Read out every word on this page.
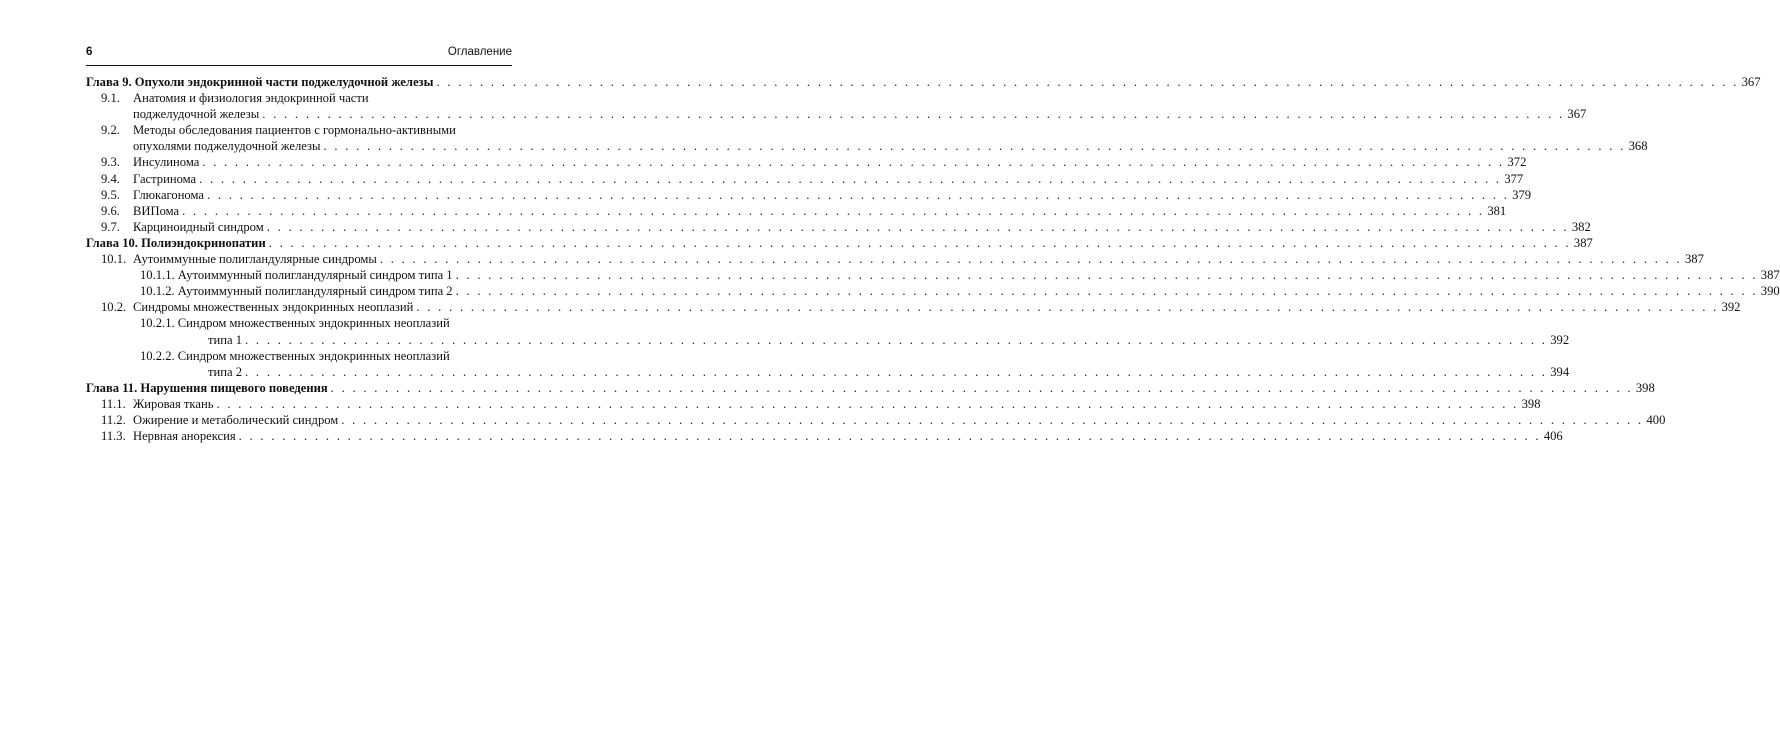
6	Оглавление
Глава 9. Опухоли эндокринной части поджелудочной железы . . . . . . . . . . . . . . . . . . . . . . . . . . . . . . . . . . . . . . . . . . . . . . . . . . . . . . . . . . . . . . . . . . . . . . . . . . . . . . . . . . . . . . . . . . . . . . . . . . . . . . . . . . . . . . . . . . . . . . . . 367
9.1. Анатомия и физиология эндокринной части
поджелудочной железы . . . . . . . . . . . . . . . . . . . . . . . . . . . . . . . . . . . . . . . . . . . . . . . . . . . . . . . . . . . . . . . . . . . . . . . . . . . . . . . . . . . . . . . . . . . . . . . . . . . . . . . . . . . . . . . . . . . . . . . . 367
9.2. Методы обследования пациентов с гормонально-активными
опухолями поджелудочной железы . . . . . . . . . . . . . . . . . . . . . . . . . . . . . . . . . . . . . . . . . . . . . . . . . . . . . . . . . . . . . . . . . . . . . . . . . . . . . . . . . . . . . . . . . . . . . . . . . . . . . . . . . . . . . . . . . . . . . . . . 368
9.3. Инсулинома . . . . . . . . . . . . . . . . . . . . . . . . . . . . . . . . . . . . . . . . . . . . . . . . . . . . . . . . . . . . . . . . . . . . . . . . . . . . . . . . . . . . . . . . . . . . . . . . . . . . . . . . . . . . . . . . . . . . . . . . 372
9.4. Гастринома . . . . . . . . . . . . . . . . . . . . . . . . . . . . . . . . . . . . . . . . . . . . . . . . . . . . . . . . . . . . . . . . . . . . . . . . . . . . . . . . . . . . . . . . . . . . . . . . . . . . . . . . . . . . . . . . . . . . . . . . 377
9.5. Глюкагонома . . . . . . . . . . . . . . . . . . . . . . . . . . . . . . . . . . . . . . . . . . . . . . . . . . . . . . . . . . . . . . . . . . . . . . . . . . . . . . . . . . . . . . . . . . . . . . . . . . . . . . . . . . . . . . . . . . . . . . . . 379
9.6. ВИПома . . . . . . . . . . . . . . . . . . . . . . . . . . . . . . . . . . . . . . . . . . . . . . . . . . . . . . . . . . . . . . . . . . . . . . . . . . . . . . . . . . . . . . . . . . . . . . . . . . . . . . . . . . . . . . . . . . . . . . . . 381
9.7. Карциноидный синдром . . . . . . . . . . . . . . . . . . . . . . . . . . . . . . . . . . . . . . . . . . . . . . . . . . . . . . . . . . . . . . . . . . . . . . . . . . . . . . . . . . . . . . . . . . . . . . . . . . . . . . . . . . . . . . . . . . . . . . . . 382
Глава 10. Полиэндокринопатии . . . . . . . . . . . . . . . . . . . . . . . . . . . . . . . . . . . . . . . . . . . . . . . . . . . . . . . . . . . . . . . . . . . . . . . . . . . . . . . . . . . . . . . . . . . . . . . . . . . . . . . . . . . . . . . . . . . . . . . . 387
10.1. Аутоиммунные полигландулярные синдромы . . . . . . . . . . . . . . . . . . . . . . . . . . . . . . . . . . . . . . . . . . . . . . . . . . . . . . . . . . . . . . . . . . . . . . . . . . . . . . . . . . . . . . . . . . . . . . . . . . . . . . . . . . . . . . . . . . . . . . . . 387
10.1.1. Аутоиммунный полигландулярный синдром типа 1 . . . . . . . . . . . . . . . . . . . . . . . . . . . . . . . . . . . . . . . . . . . . . . . . . . . . . . . . . . . . . . . . . . . . . . . . . . . . . . . . . . . . . . . . . . . . . . . . . . . . . . . . . . . . . . . . . . . . . . . . 387
10.1.2. Аутоиммунный полигландулярный синдром типа 2 . . . . . . . . . . . . . . . . . . . . . . . . . . . . . . . . . . . . . . . . . . . . . . . . . . . . . . . . . . . . . . . . . . . . . . . . . . . . . . . . . . . . . . . . . . . . . . . . . . . . . . . . . . . . . . . . . . . . . . . . 390
10.2. Синдромы множественных эндокринных неоплазий . . . . . . . . . . . . . . . . . . . . . . . . . . . . . . . . . . . . . . . . . . . . . . . . . . . . . . . . . . . . . . . . . . . . . . . . . . . . . . . . . . . . . . . . . . . . . . . . . . . . . . . . . . . . . . . . . . . . . . . . 392
10.2.1. Синдром множественных эндокринных неоплазий
типа 1 . . . . . . . . . . . . . . . . . . . . . . . . . . . . . . . . . . . . . . . . . . . . . . . . . . . . . . . . . . . . . . . . . . . . . . . . . . . . . . . . . . . . . . . . . . . . . . . . . . . . . . . . . . . . . . . . . . . . . . . . 392
10.2.2. Синдром множественных эндокринных неоплазий
типа 2 . . . . . . . . . . . . . . . . . . . . . . . . . . . . . . . . . . . . . . . . . . . . . . . . . . . . . . . . . . . . . . . . . . . . . . . . . . . . . . . . . . . . . . . . . . . . . . . . . . . . . . . . . . . . . . . . . . . . . . . . 394
Глава 11. Нарушения пищевого поведения . . . . . . . . . . . . . . . . . . . . . . . . . . . . . . . . . . . . . . . . . . . . . . . . . . . . . . . . . . . . . . . . . . . . . . . . . . . . . . . . . . . . . . . . . . . . . . . . . . . . . . . . . . . . . . . . . . . . . . . . 398
11.1. Жировая ткань . . . . . . . . . . . . . . . . . . . . . . . . . . . . . . . . . . . . . . . . . . . . . . . . . . . . . . . . . . . . . . . . . . . . . . . . . . . . . . . . . . . . . . . . . . . . . . . . . . . . . . . . . . . . . . . . . . . . . . . . 398
11.2. Ожирение и метаболический синдром . . . . . . . . . . . . . . . . . . . . . . . . . . . . . . . . . . . . . . . . . . . . . . . . . . . . . . . . . . . . . . . . . . . . . . . . . . . . . . . . . . . . . . . . . . . . . . . . . . . . . . . . . . . . . . . . . . . . . . . . 400
11.3. Нервная анорексия . . . . . . . . . . . . . . . . . . . . . . . . . . . . . . . . . . . . . . . . . . . . . . . . . . . . . . . . . . . . . . . . . . . . . . . . . . . . . . . . . . . . . . . . . . . . . . . . . . . . . . . . . . . . . . . . . . . . . . . . 406
